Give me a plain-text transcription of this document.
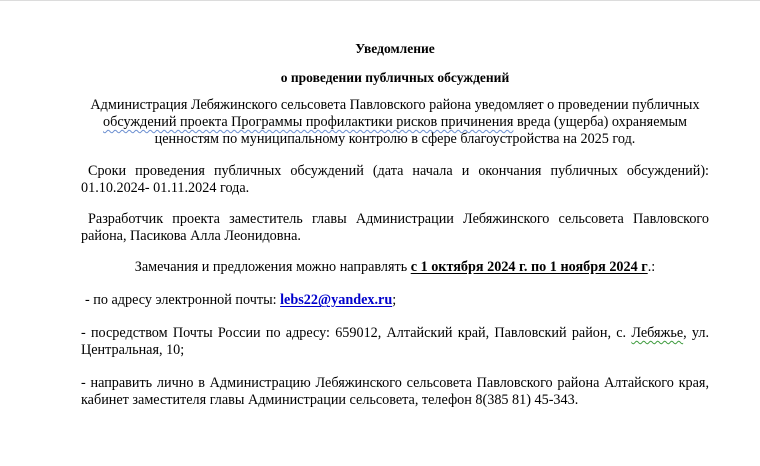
Уведомление

о проведении публичных обсуждений

Администрация Лебяжинского сельсовета Павловского района уведомляет о проведении публичных обсуждений проекта Программы профилактики рисков причинения вреда (ущерба) охраняемым ценностям по муниципальному контролю в сфере благоустройства на 2025 год.

Сроки проведения публичных обсуждений (дата начала и окончания публичных обсуждений): 01.10.2024- 01.11.2024 года.

Разработчик проекта заместитель главы Администрации Лебяжинского сельсовета Павловского района, Пасикова Алла Леонидовна.

Замечания и предложения можно направлять с 1 октября 2024 г. по 1 ноября 2024 г.:

- по адресу электронной почты: lebs22@yandex.ru;

- посредством Почты России по адресу: 659012, Алтайский край, Павловский район, с. Лебяжье, ул. Центральная, 10;

- направить лично в Администрацию Лебяжинского сельсовета Павловского района Алтайского края, кабинет заместителя главы Администрации сельсовета, телефон 8(385 81) 45-343.
